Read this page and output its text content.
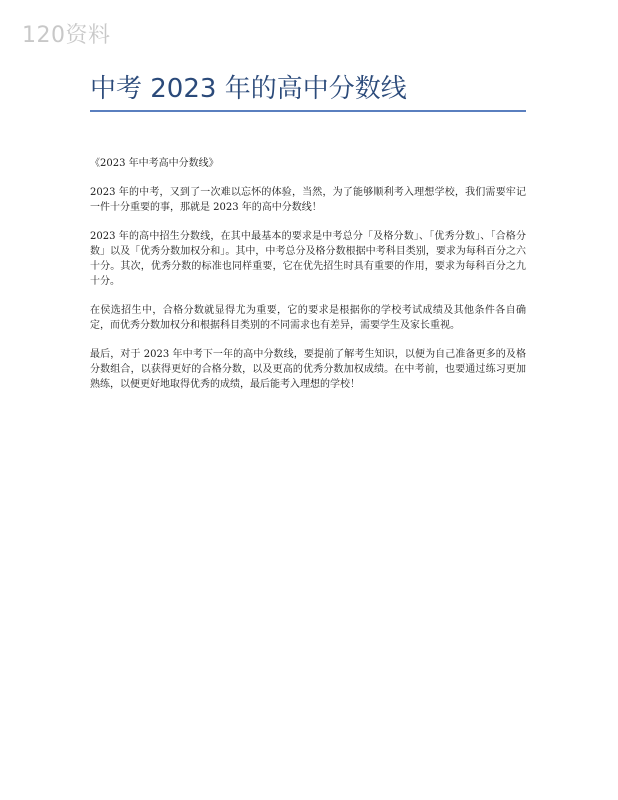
120资料
中考 2023 年的高中分数线

《2023 年中考高中分数线》

2023 年的中考，又到了一次难以忘怀的体验，当然，为了能够顺利考入理想学校，我们需要牢记一件十分重要的事，那就是 2023 年的高中分数线！

2023 年的高中招生分数线，在其中最基本的要求是中考总分「及格分数」、「优秀分数」、「合格分数」以及「优秀分数加权分和」。其中，中考总分及格分数根据中考科目类别，要求为每科百分之六十分。其次，优秀分数的标准也同样重要，它在优先招生时具有重要的作用，要求为每科百分之九十分。

在侯选招生中，合格分数就显得尤为重要，它的要求是根据你的学校考试成绩及其他条件各自确定，而优秀分数加权分和根据科目类别的不同需求也有差异，需要学生及家长重视。

最后，对于 2023 年中考下一年的高中分数线，要提前了解考生知识，以便为自己准备更多的及格分数组合，以获得更好的合格分数，以及更高的优秀分数加权成绩。在中考前，也要通过练习更加熟练，以便更好地取得优秀的成绩，最后能考入理想的学校！
